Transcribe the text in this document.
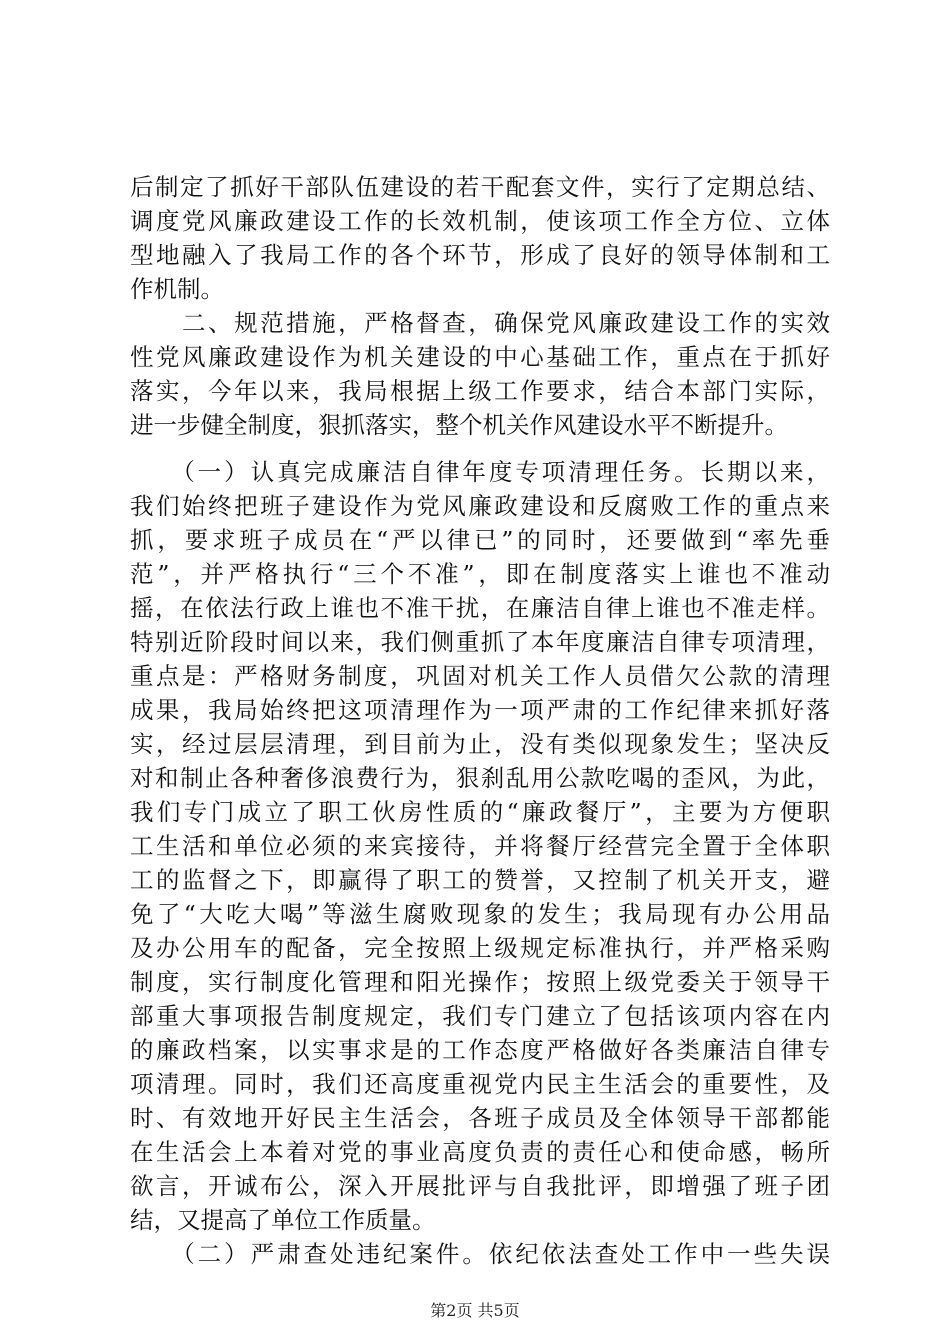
后制定了抓好干部队伍建设的若干配套文件，实行了定期总结、
调度党风廉政建设工作的长效机制，使该项工作全方位、立体
型地融入了我局工作的各个环节，形成了良好的领导体制和工
作机制。
　　二、规范措施，严格督查，确保党风廉政建设工作的实效
性党风廉政建设作为机关建设的中心基础工作，重点在于抓好
落实，今年以来，我局根据上级工作要求，结合本部门实际，
进一步健全制度，狠抓落实，整个机关作风建设水平不断提升。
　　（一）认真完成廉洁自律年度专项清理任务。长期以来，
我们始终把班子建设作为党风廉政建设和反腐败工作的重点来
抓，要求班子成员在“严以律已”的同时，还要做到“率先垂
范”，并严格执行“三个不准”，即在制度落实上谁也不准动
摇，在依法行政上谁也不准干扰，在廉洁自律上谁也不准走样。
特别近阶段时间以来，我们侧重抓了本年度廉洁自律专项清理，
重点是：严格财务制度，巩固对机关工作人员借欠公款的清理
成果，我局始终把这项清理作为一项严肃的工作纪律来抓好落
实，经过层层清理，到目前为止，没有类似现象发生；坚决反
对和制止各种奢侈浪费行为，狠刹乱用公款吃喝的歪风，为此，
我们专门成立了职工伙房性质的“廉政餐厅”，主要为方便职
工生活和单位必须的来宾接待，并将餐厅经营完全置于全体职
工的监督之下，即赢得了职工的赞誉，又控制了机关开支，避
免了“大吃大喝”等滋生腐败现象的发生；我局现有办公用品
及办公用车的配备，完全按照上级规定标准执行，并严格采购
制度，实行制度化管理和阳光操作；按照上级党委关于领导干
部重大事项报告制度规定，我们专门建立了包括该项内容在内
的廉政档案，以实事求是的工作态度严格做好各类廉洁自律专
项清理。同时，我们还高度重视党内民主生活会的重要性，及
时、有效地开好民主生活会，各班子成员及全体领导干部都能
在生活会上本着对党的事业高度负责的责任心和使命感，畅所
欲言，开诚布公，深入开展批评与自我批评，即增强了班子团
结，又提高了单位工作质量。
　　（二）严肃查处违纪案件。依纪依法查处工作中一些失误
第2页 共5页
